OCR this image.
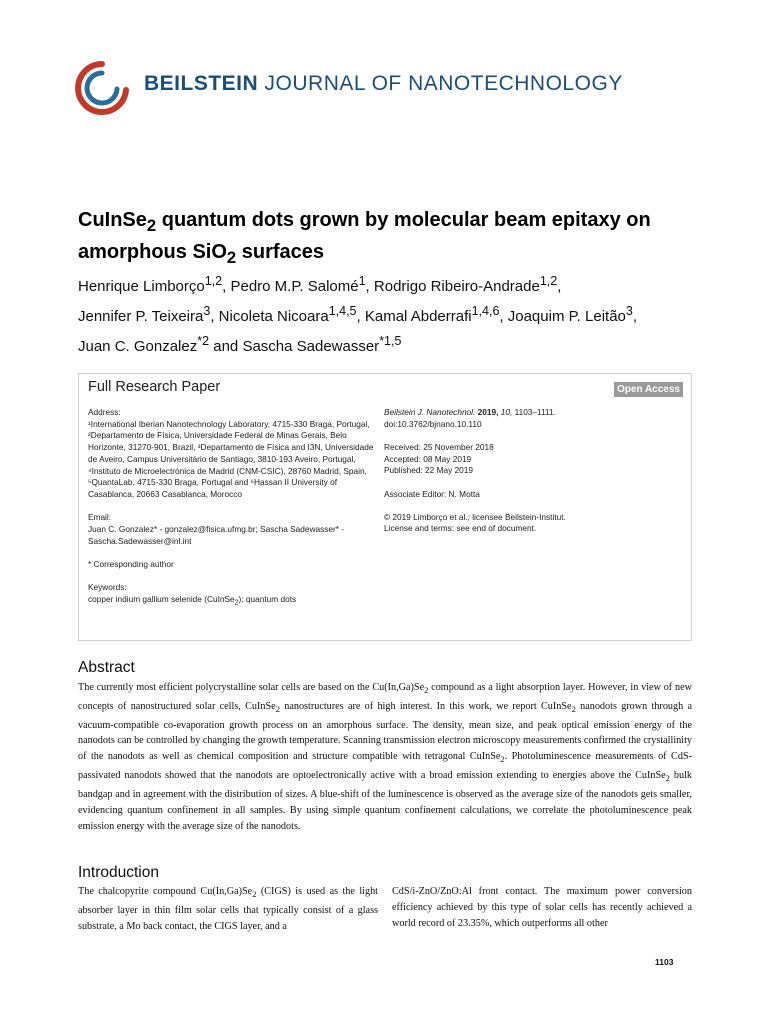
BEILSTEIN JOURNAL OF NANOTECHNOLOGY
CuInSe$_2$ quantum dots grown by molecular beam epitaxy on amorphous SiO$_2$ surfaces
Henrique Limborço$^{1,2}$, Pedro M.P. Salomé$^1$, Rodrigo Ribeiro-Andrade$^{1,2}$,
Jennifer P. Teixeira$^3$, Nicoleta Nicoara$^{1,4,5}$, Kamal Abderrafi$^{1,4,6}$, Joaquim P. Leitão$^3$,
Juan C. Gonzalez$^{*2}$ and Sascha Sadewasser$^{*1,5}$
Full Research Paper	Open Access
Address:
¹International Iberian Nanotechnology Laboratory, 4715-330 Braga, Portugal, ²Departamento de Física, Universidade Federal de Minas Gerais, Belo Horizonte, 31270-901, Brazil, ³Departamento de Física and I3N, Universidade de Aveiro, Campus Universitário de Santiago, 3810-193 Aveiro, Portugal, ⁴Instituto de Microelectrónica de Madrid (CNM-CSIC), 28760 Madrid, Spain, ⁵QuantaLab, 4715-330 Braga, Portugal and ⁶Hassan II University of Casablanca, 20663 Casablanca, Morocco
Email:
Juan C. Gonzalez* - gonzalez@fisica.ufmg.br; Sascha Sadewasser* - Sascha.Sadewasser@inl.int
* Corresponding author
Keywords:
copper indium gallium selenide (CuInSe$_2$); quantum dots
Beilstein J. Nanotechnol. 2019, 10, 1103–1111.
doi:10.3762/bjnano.10.110
Received: 25 November 2018
Accepted: 08 May 2019
Published: 22 May 2019
Associate Editor: N. Motta
© 2019 Limborço et al.; licensee Beilstein-Institut.
License and terms: see end of document.
Abstract
The currently most efficient polycrystalline solar cells are based on the $Cu(In,Ga)Se_2$ compound as a light absorption layer. However, in view of new concepts of nanostructured solar cells, CuInSe$_2$ nanostructures are of high interest. In this work, we report CuInSe$_2$ nanodots grown through a vacuum-compatible co-evaporation growth process on an amorphous surface. The density, mean size, and peak optical emission energy of the nanodots can be controlled by changing the growth temperature. Scanning transmission electron microscopy measurements confirmed the crystallinity of the nanodots as well as chemical composition and structure compatible with tetragonal CuInSe$_2$. Photoluminescence measurements of CdS-passivated nanodots showed that the nanodots are optoelectronically active with a broad emission extending to energies above the CuInSe$_2$ bulk bandgap and in agreement with the distribution of sizes. A blue-shift of the luminescence is observed as the average size of the nanodots gets smaller, evidencing quantum confinement in all samples. By using simple quantum confinement calculations, we correlate the photoluminescence peak emission energy with the average size of the nanodots.
Introduction
The chalcopyrite compound $Cu(In,Ga)Se_2$ (CIGS) is used as the light absorber layer in thin film solar cells that typically consist of a glass substrate, a Mo back contact, the CIGS layer, and a
CdS/i-ZnO/ZnO:Al front contact. The maximum power conversion efficiency achieved by this type of solar cells has recently achieved a world record of 23.35%, which outperforms all other
1103
